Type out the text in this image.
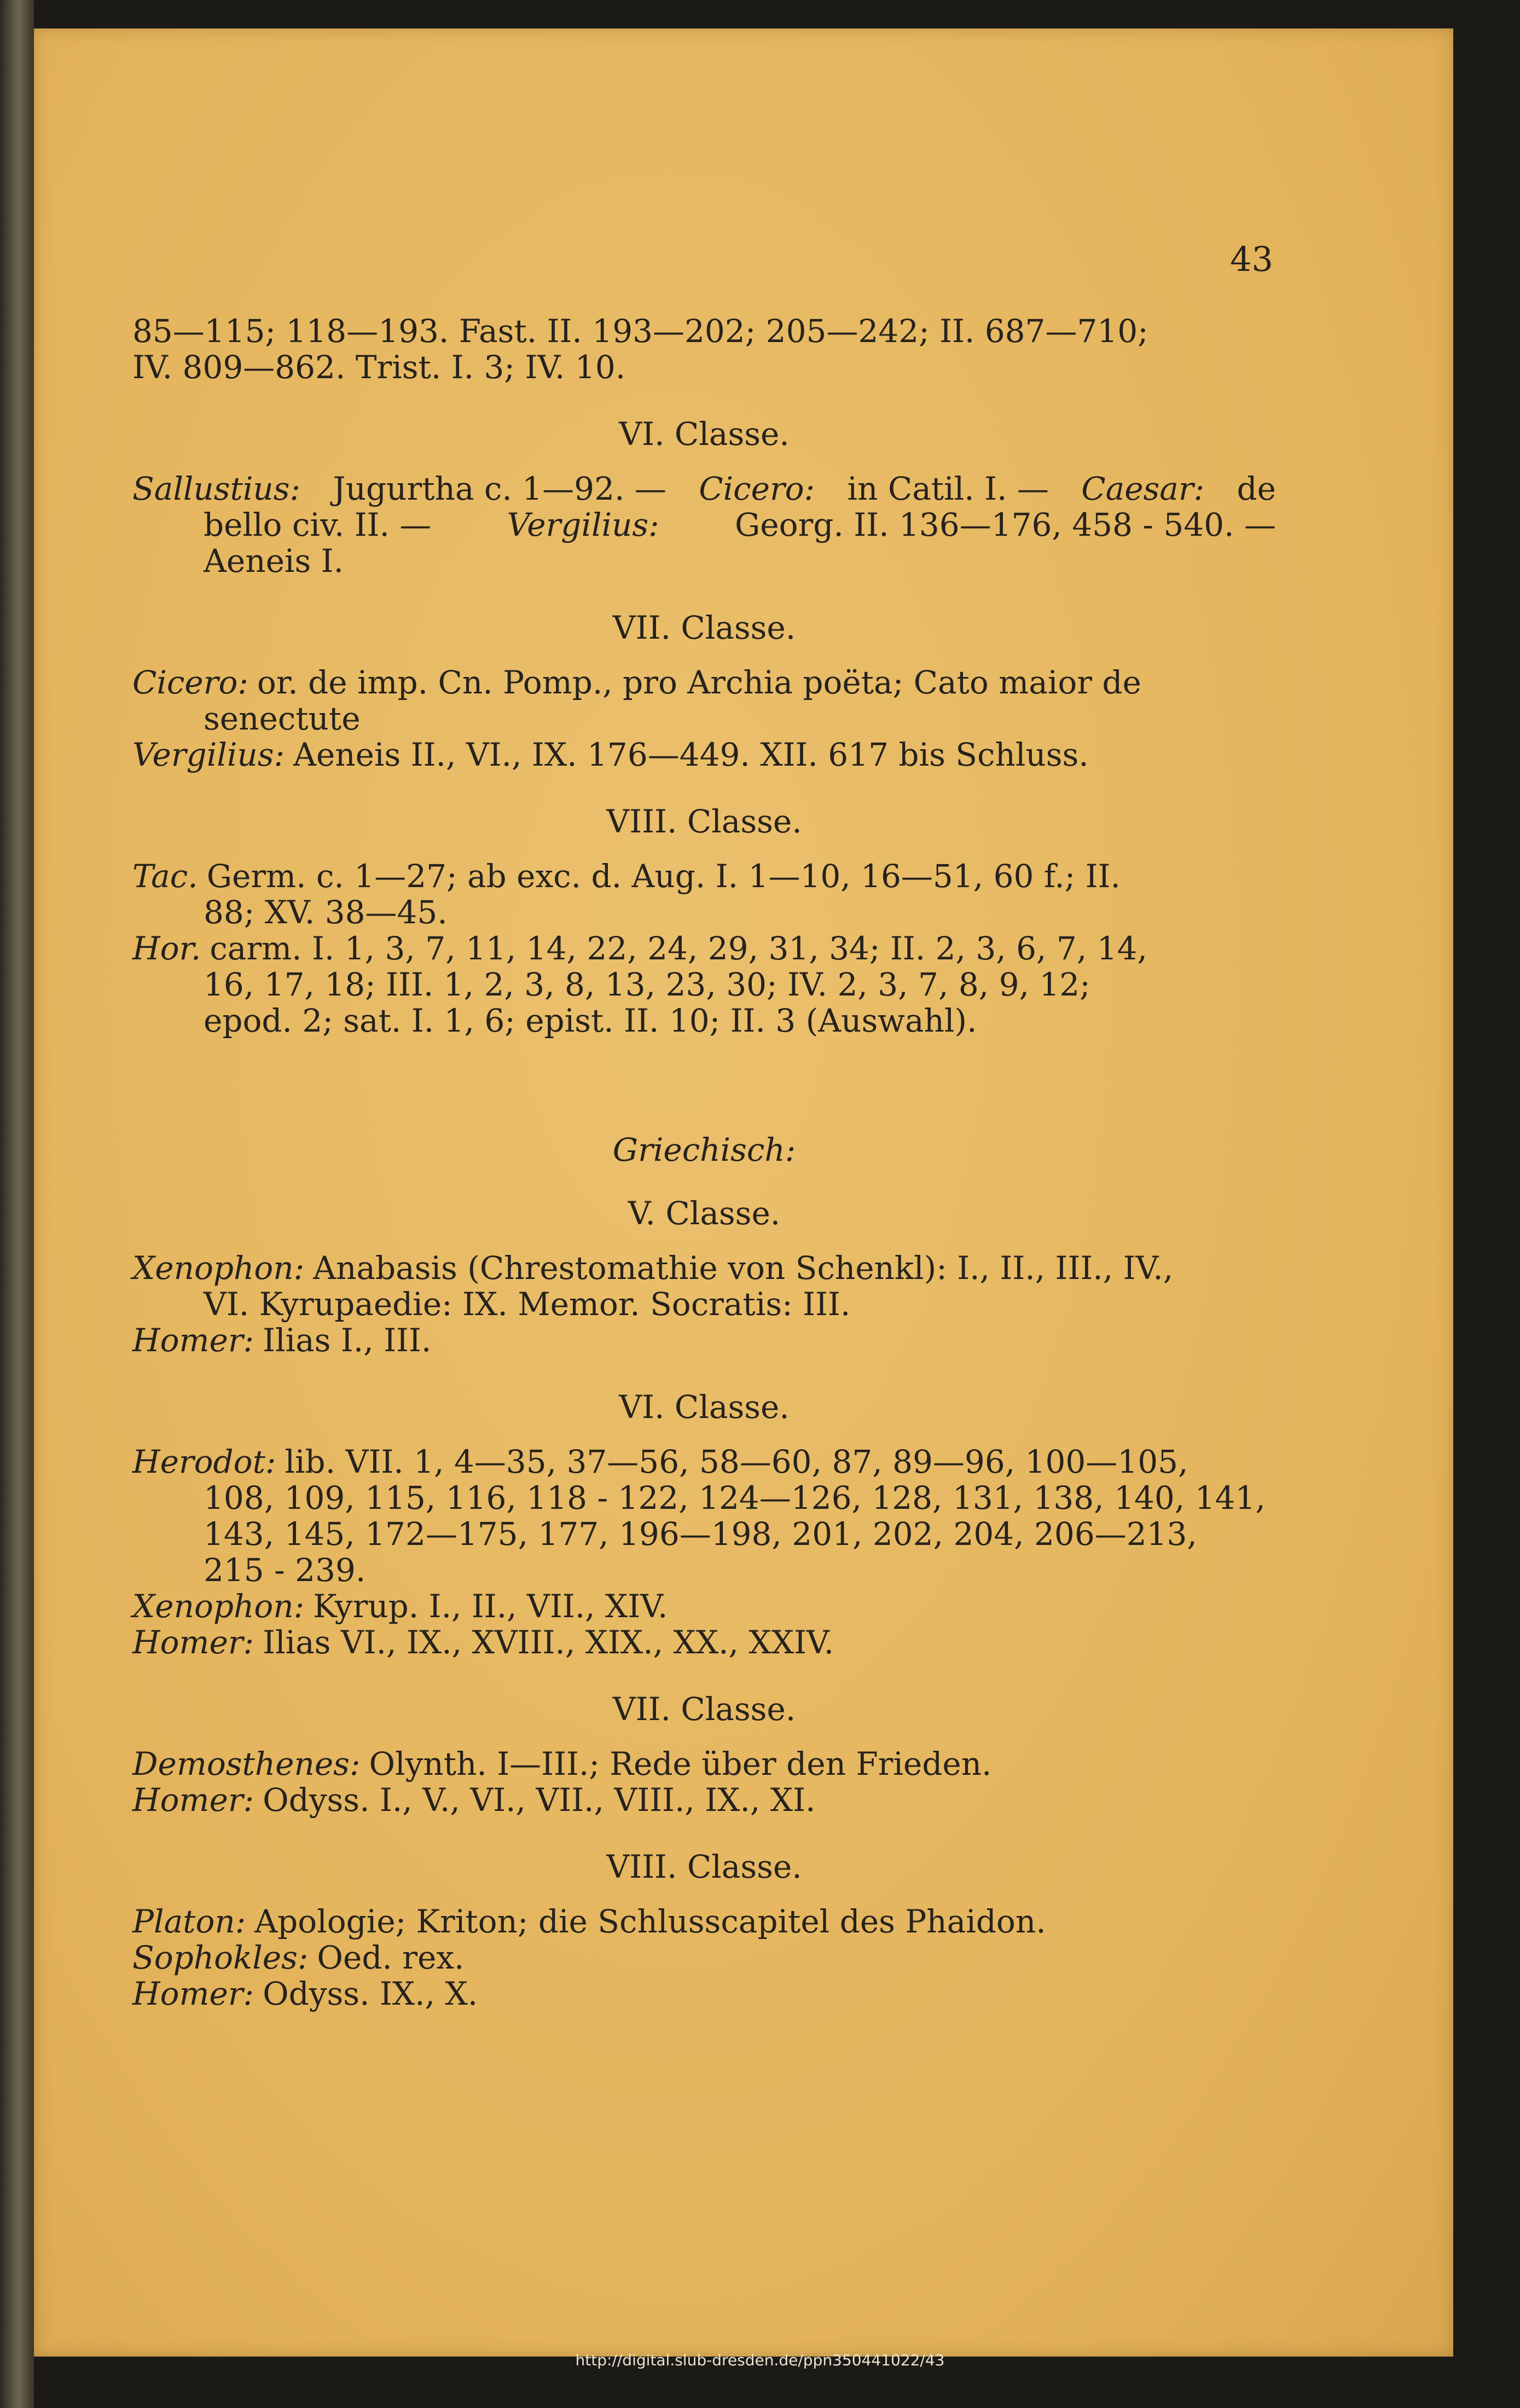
43
85—115; 118—193. Fast. II. 193—202; 205—242; II. 687—710;
IV. 809—862. Trist. I. 3; IV. 10.
VI. Classe.
Sallustius: Jugurtha c. 1—92. — Cicero: in Catil. I. — Caesar: de
bello civ. II. — Vergilius: Georg. II. 136—176, 458 - 540. —
Aeneis I.
VII. Classe.
Cicero: or. de imp. Cn. Pomp., pro Archia poëta; Cato maior de
senectute
Vergilius: Aeneis II., VI., IX. 176—449. XII. 617 bis Schluss.
VIII. Classe.
Tac. Germ. c. 1—27; ab exc. d. Aug. I. 1—10, 16—51, 60 f.; II.
88; XV. 38—45.
Hor. carm. I. 1, 3, 7, 11, 14, 22, 24, 29, 31, 34; II. 2, 3, 6, 7, 14,
16, 17, 18; III. 1, 2, 3, 8, 13, 23, 30; IV. 2, 3, 7, 8, 9, 12;
epod. 2; sat. I. 1, 6; epist. II. 10; II. 3 (Auswahl).
Griechisch:
V. Classe.
Xenophon: Anabasis (Chrestomathie von Schenkl): I., II., III., IV.,
VI. Kyrupaedie: IX. Memor. Socratis: III.
Homer: Ilias I., III.
VI. Classe.
Herodot: lib. VII. 1, 4—35, 37—56, 58—60, 87, 89—96, 100—105,
108, 109, 115, 116, 118 - 122, 124—126, 128, 131, 138, 140, 141,
143, 145, 172—175, 177, 196—198, 201, 202, 204, 206—213,
215 - 239.
Xenophon: Kyrup. I., II., VII., XIV.
Homer: Ilias VI., IX., XVIII., XIX., XX., XXIV.
VII. Classe.
Demosthenes: Olynth. I—III.; Rede über den Frieden.
Homer: Odyss. I., V., VI., VII., VIII., IX., XI.
VIII. Classe.
Platon: Apologie; Kriton; die Schlusscapitel des Phaidon.
Sophokles: Oed. rex.
Homer: Odyss. IX., X.
http://digital.slub-dresden.de/ppn350441022/43
